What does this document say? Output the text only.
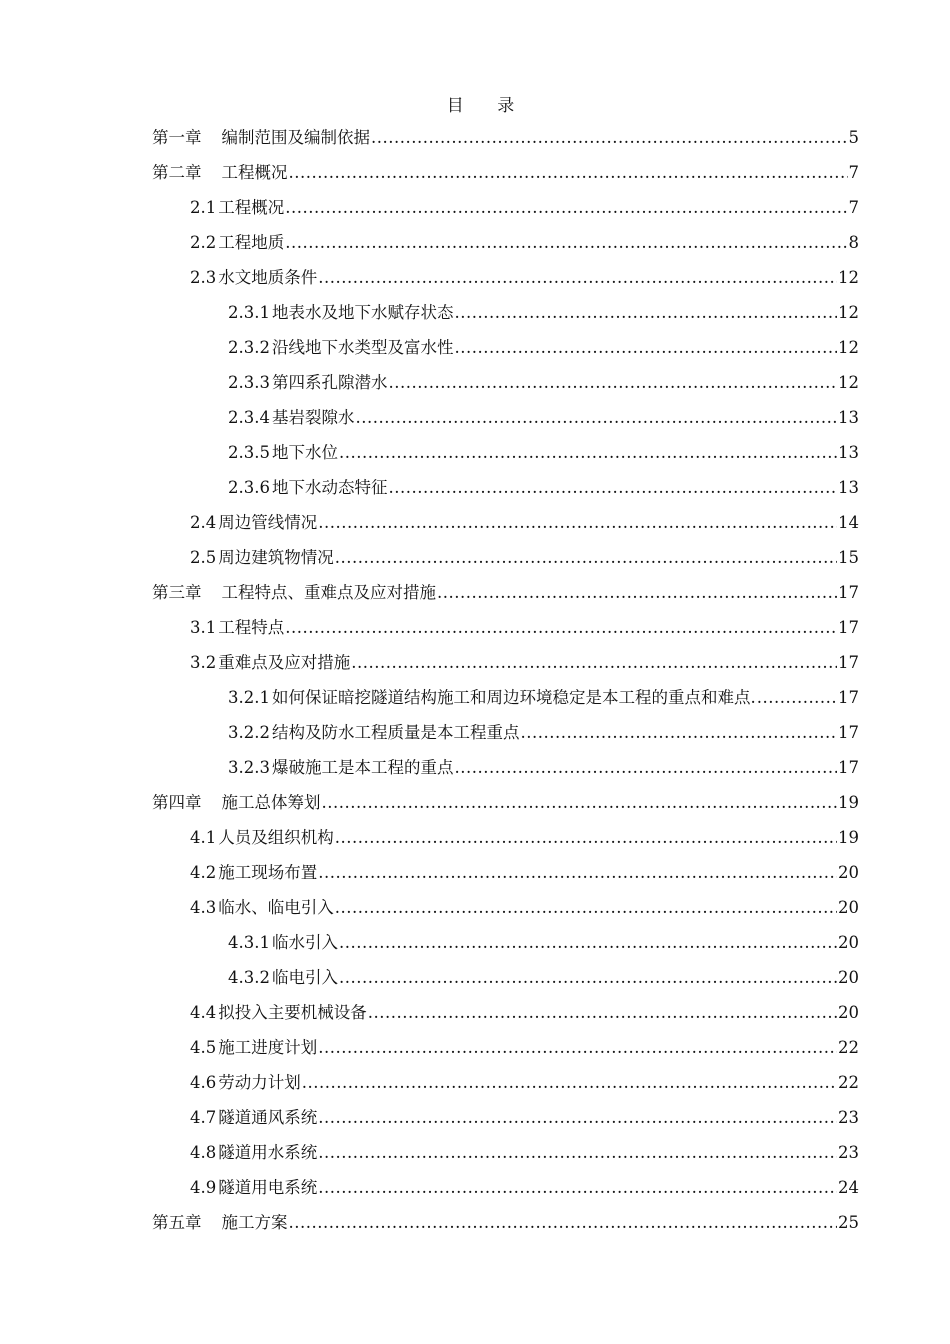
目 录
第一章 编制范围及编制依据 .....	5
第二章 工程概况 .....	7
2.1 工程概况 .....	7
2.2 工程地质 .....	8
2.3 水文地质条件 .....	12
2.3.1 地表水及地下水赋存状态 .....	12
2.3.2 沿线地下水类型及富水性 .....	12
2.3.3 第四系孔隙潜水 .....	12
2.3.4 基岩裂隙水 .....	13
2.3.5 地下水位 .....	13
2.3.6 地下水动态特征 .....	13
2.4 周边管线情况 .....	14
2.5 周边建筑物情况 .....	15
第三章 工程特点、重难点及应对措施 .....	17
3.1 工程特点 .....	17
3.2 重难点及应对措施 .....	17
3.2.1 如何保证暗挖隧道结构施工和周边环境稳定是本工程的重点和难点. .....	17
3.2.2 结构及防水工程质量是本工程重点 .....	17
3.2.3 爆破施工是本工程的重点 .....	17
第四章 施工总体筹划 .....	19
4.1 人员及组织机构 .....	19
4.2 施工现场布置 .....	20
4.3 临水、临电引入 .....	20
4.3.1 临水引入 .....	20
4.3.2 临电引入 .....	20
4.4 拟投入主要机械设备 .....	20
4.5 施工进度计划 .....	22
4.6 劳动力计划 .....	22
4.7 隧道通风系统 .....	23
4.8 隧道用水系统 .....	23
4.9 隧道用电系统 .....	24
第五章 施工方案 .....	25
